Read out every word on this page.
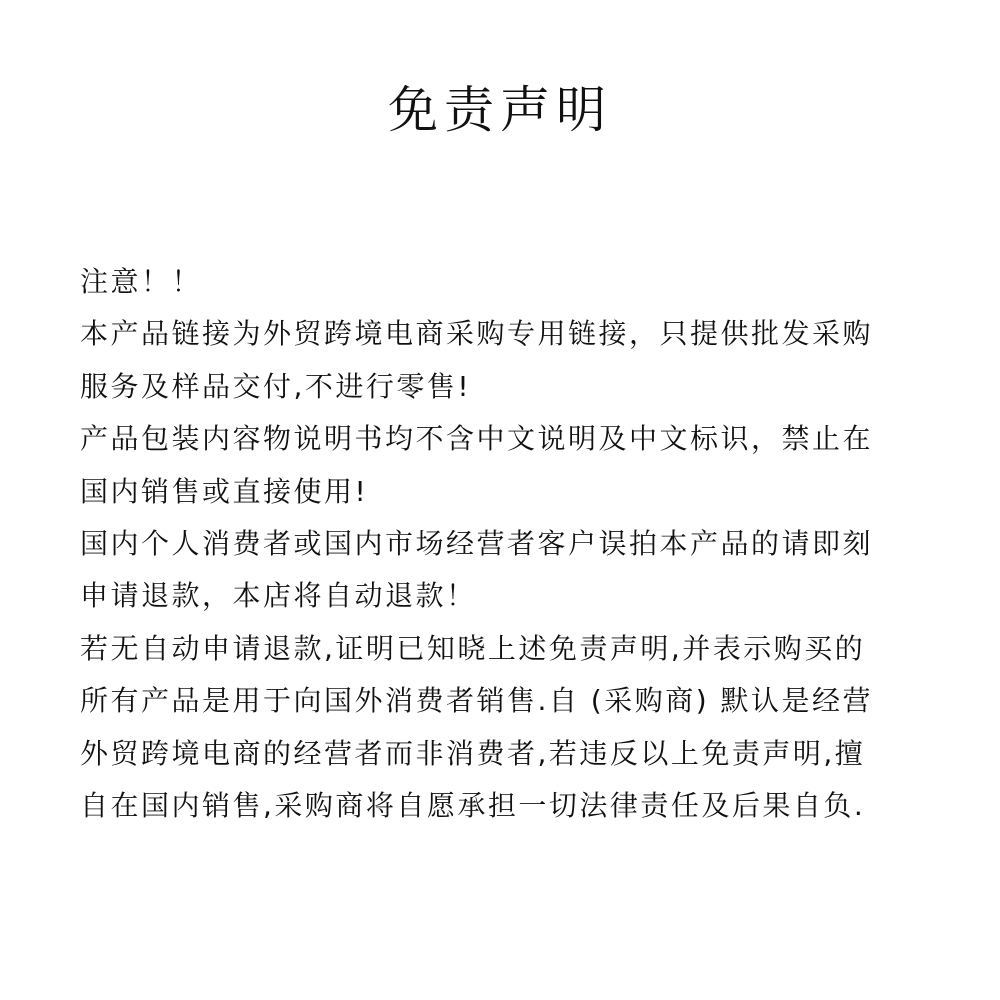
免责声明
注意！！
本产品链接为外贸跨境电商采购专用链接，只提供批发采购
服务及样品交付,不进行零售!
产品包装内容物说明书均不含中文说明及中文标识，禁止在
国内销售或直接使用!
国内个人消费者或国内市场经营者客户误拍本产品的请即刻
申请退款，本店将自动退款！
若无自动申请退款,证明已知晓上述免责声明,并表示购买的
所有产品是用于向国外消费者销售.自 (采购商) 默认是经营
外贸跨境电商的经营者而非消费者,若违反以上免责声明,擅
自在国内销售,采购商将自愿承担一切法律责任及后果自负.
